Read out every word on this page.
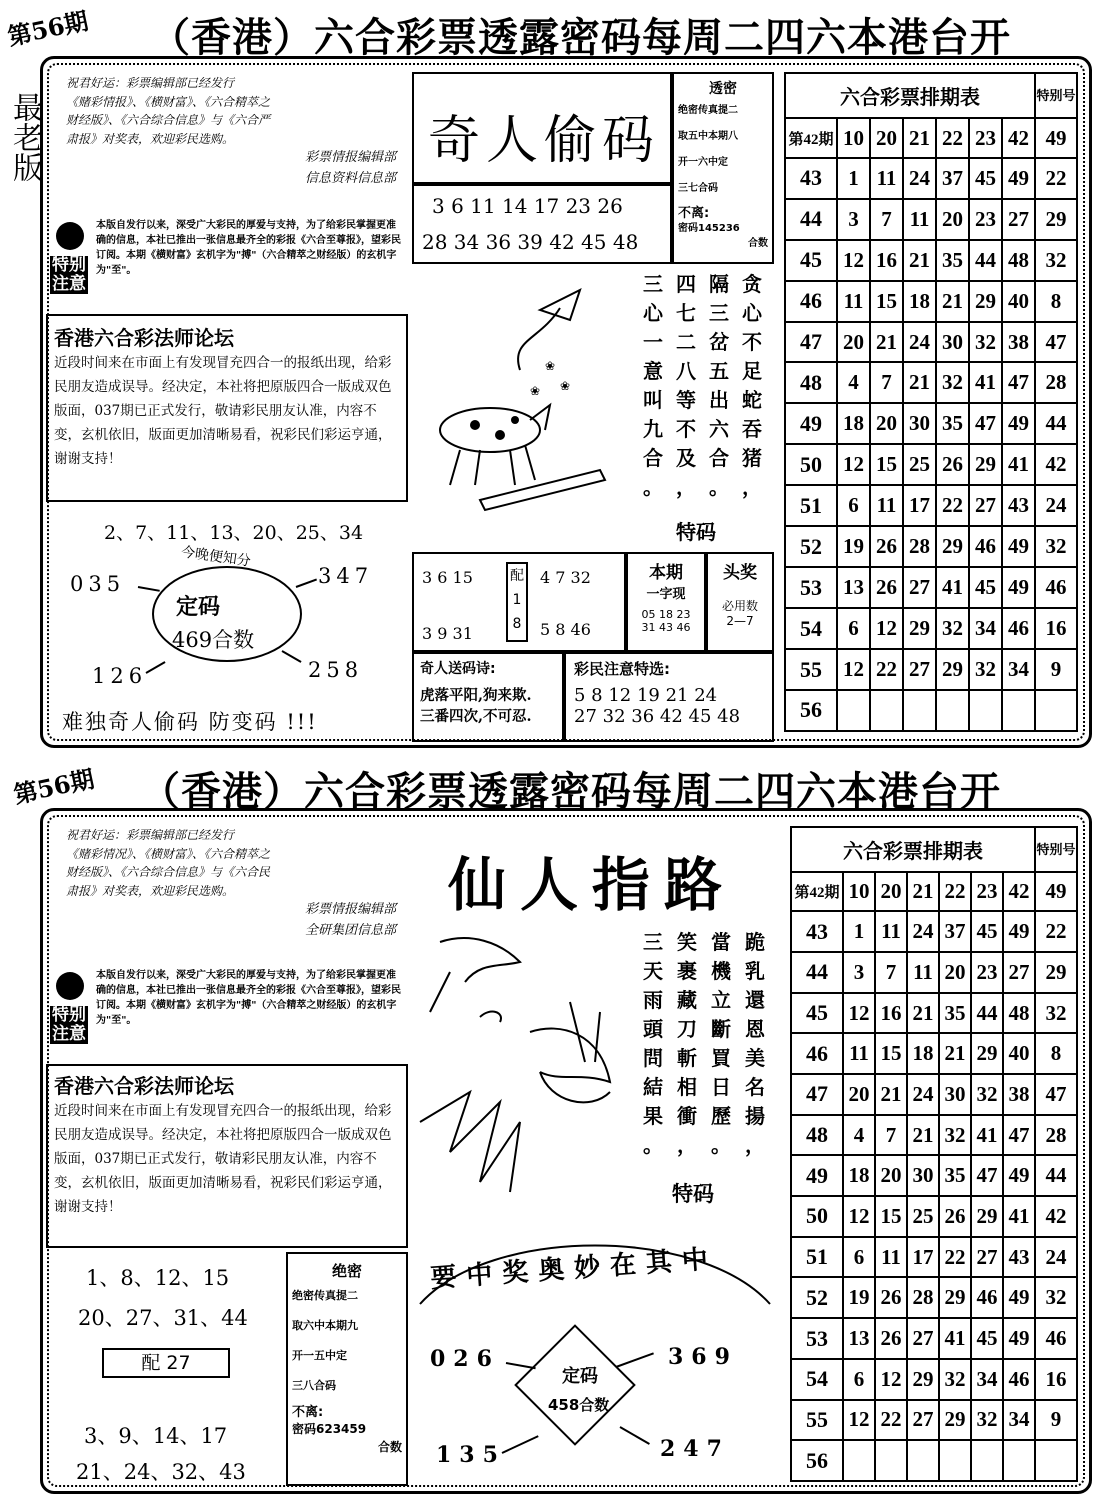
第56期 （香港）六合彩票透露密码每周二四六本港台开
最老版
祝君好运：彩票编辑部已经发行
《赌彩情报》、《横财富》、《六合精萃之
财经版》、《六合综合信息》与《六合严
肃报》对奖表，欢迎彩民选购。
彩票情报编辑部
信息资料信息部
特别注意
本版自发行以来，深受广大彩民的厚爱与支持，为了给彩民掌握更准确的信息，本社已推出一张信息最齐全的彩报《六合至尊报》，望彩民订阅。本期《横财富》玄机字为"搏"（六合精萃之财经版）的玄机字为"至"。
香港六合彩法师论坛
近段时间来在市面上有发现冒充四合一的报纸出现，给彩民朋友造成误导。经决定，本社将把原版四合一版成双色版面，037期已正式发行，敬请彩民朋友认准，内容不变，玄机依旧，版面更加清晰易看，祝彩民们彩运亨通，谢谢支持！
2、7、11、13、20、25、34
今晚便知分
035	347
定码
469合数
126	258
难独奇人偷码 防变码 !!!
奇人偷码
3 6 11 14 17 23 26
28 34 36 39 42 45 48
透密
绝密传真提二
取五中本期八
开一六中定
三七合码
不离:
密码145236
合数
❀
❀
❀
三
心
一
意
叫
九
合
。
四
七
二
八
等
不
及
，
隔
三
岔
五
出
六
合
。
贪
心
不
足
蛇
吞
猪
，
特码
3 6 15
3 9 31
配
1
8
4 7 32
5 8 46
本期
一字现
05 18 23
31 43 46
头奖
必用数
2—7
奇人送码诗:
虎落平阳,狗来欺.
三番四次,不可忍.
彩民注意特选:
5 8 12 19 21 24
27 32 36 42 45 48
六合彩票排期表							特别号
第42期	10	20	21	22	23	42	49
43	1	11	24	37	45	49	22
44	3	7	11	20	23	27	29
45	12	16	21	35	44	48	32
46	11	15	18	21	29	40	8
47	20	21	24	30	32	38	47
48	4	7	21	32	41	47	28
49	18	20	30	35	47	49	44
50	12	15	25	26	29	41	42
51	6	11	17	22	27	43	24
52	19	26	28	29	46	49	32
53	13	26	27	41	45	49	46
54	6	12	29	32	34	46	16
55	12	22	27	29	32	34	9
56							
第56期 （香港）六合彩票透露密码每周二四六本港台开
祝君好运：彩票编辑部已经发行
《赌彩情况》、《横财富》、《六合精萃之
财经版》、《六合综合信息》与《六合民
肃报》对奖表，欢迎彩民选购。
彩票情报编辑部
全研集团信息部
特别注意
本版自发行以来，深受广大彩民的厚爱与支持，为了给彩民掌握更准确的信息，本社已推出一张信息最齐全的彩报《六合至尊报》，望彩民订阅。本期《横财富》玄机字为"搏"（六合精萃之财经版）的玄机字为"至"。
香港六合彩法师论坛
近段时间来在市面上有发现冒充四合一的报纸出现，给彩民朋友造成误导。经决定，本社将把原版四合一版成双色版面，037期已正式发行，敬请彩民朋友认准，内容不变，玄机依旧，版面更加清晰易看，祝彩民们彩运亨通，谢谢支持！
1、8、12、15
20、27、31、44
配 27
3、9、14、17
21、24、32、43
绝密
绝密传真提二
取六中本期九
开一五中定
三八合码
不离:
密码623459
合数
仙人指路
三
天
雨
頭
問
結
果
。
笑
裹
藏
刀
斬
相
衝
，
當
機
立
斷
買
日
歷
。
跪
乳
還
恩
美
名
揚
，
特码
要中奖奥妙在其中
026	369
定码
458合数
135	247
六合彩票排期表							特别号
第42期	10	20	21	22	23	42	49
43	1	11	24	37	45	49	22
44	3	7	11	20	23	27	29
45	12	16	21	35	44	48	32
46	11	15	18	21	29	40	8
47	20	21	24	30	32	38	47
48	4	7	21	32	41	47	28
49	18	20	30	35	47	49	44
50	12	15	25	26	29	41	42
51	6	11	17	22	27	43	24
52	19	26	28	29	46	49	32
53	13	26	27	41	45	49	46
54	6	12	29	32	34	46	16
55	12	22	27	29	32	34	9
56							
